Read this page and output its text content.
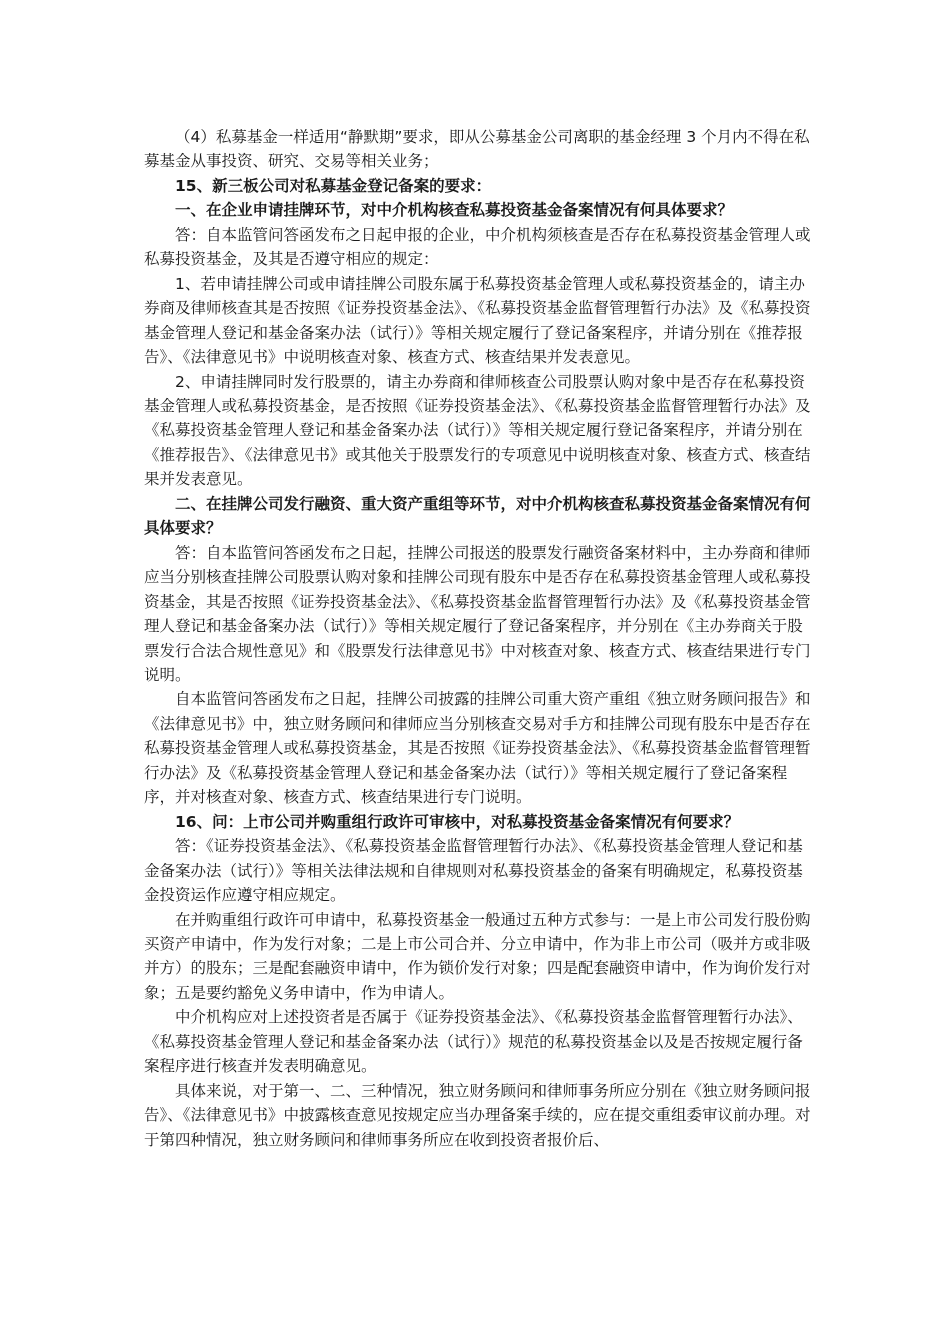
（4）私募基金一样适用“静默期”要求，即从公募基金公司离职的基金经理 3 个月内不得在私募基金从事投资、研究、交易等相关业务；

15、新三板公司对私募基金登记备案的要求：

一、在企业申请挂牌环节，对中介机构核查私募投资基金备案情况有何具体要求？

答：自本监管问答函发布之日起申报的企业，中介机构须核查是否存在私募投资基金管理人或私募投资基金，及其是否遵守相应的规定：

1、若申请挂牌公司或申请挂牌公司股东属于私募投资基金管理人或私募投资基金的，请主办券商及律师核查其是否按照《证券投资基金法》、《私募投资基金监督管理暂行办法》及《私募投资基金管理人登记和基金备案办法（试行）》等相关规定履行了登记备案程序，并请分别在《推荐报告》、《法律意见书》中说明核查对象、核查方式、核查结果并发表意见。

2、申请挂牌同时发行股票的，请主办券商和律师核查公司股票认购对象中是否存在私募投资基金管理人或私募投资基金，是否按照《证券投资基金法》、《私募投资基金监督管理暂行办法》及《私募投资基金管理人登记和基金备案办法（试行）》等相关规定履行登记备案程序，并请分别在《推荐报告》、《法律意见书》或其他关于股票发行的专项意见中说明核查对象、核查方式、核查结果并发表意见。

二、在挂牌公司发行融资、重大资产重组等环节，对中介机构核查私募投资基金备案情况有何具体要求？

答：自本监管问答函发布之日起，挂牌公司报送的股票发行融资备案材料中，主办券商和律师应当分别核查挂牌公司股票认购对象和挂牌公司现有股东中是否存在私募投资基金管理人或私募投资基金，其是否按照《证券投资基金法》、《私募投资基金监督管理暂行办法》及《私募投资基金管理人登记和基金备案办法（试行）》等相关规定履行了登记备案程序，并分别在《主办券商关于股票发行合法合规性意见》和《股票发行法律意见书》中对核查对象、核查方式、核查结果进行专门说明。

自本监管问答函发布之日起，挂牌公司披露的挂牌公司重大资产重组《独立财务顾问报告》和《法律意见书》中，独立财务顾问和律师应当分别核查交易对手方和挂牌公司现有股东中是否存在私募投资基金管理人或私募投资基金，其是否按照《证券投资基金法》、《私募投资基金监督管理暂行办法》及《私募投资基金管理人登记和基金备案办法（试行）》等相关规定履行了登记备案程序，并对核查对象、核查方式、核查结果进行专门说明。

16、问：上市公司并购重组行政许可审核中，对私募投资基金备案情况有何要求？

答：《证券投资基金法》、《私募投资基金监督管理暂行办法》、《私募投资基金管理人登记和基金备案办法（试行）》等相关法律法规和自律规则对私募投资基金的备案有明确规定，私募投资基金投资运作应遵守相应规定。

在并购重组行政许可申请中，私募投资基金一般通过五种方式参与：一是上市公司发行股份购买资产申请中，作为发行对象；二是上市公司合并、分立申请中，作为非上市公司（吸并方或非吸并方）的股东；三是配套融资申请中，作为锁价发行对象；四是配套融资申请中，作为询价发行对象；五是要约豁免义务申请中，作为申请人。

中介机构应对上述投资者是否属于《证券投资基金法》、《私募投资基金监督管理暂行办法》、《私募投资基金管理人登记和基金备案办法（试行）》规范的私募投资基金以及是否按规定履行备案程序进行核查并发表明确意见。

具体来说，对于第一、二、三种情况，独立财务顾问和律师事务所应分别在《独立财务顾问报告》、《法律意见书》中披露核查意见按规定应当办理备案手续的，应在提交重组委审议前办理。对于第四种情况，独立财务顾问和律师事务所应在收到投资者报价后、
